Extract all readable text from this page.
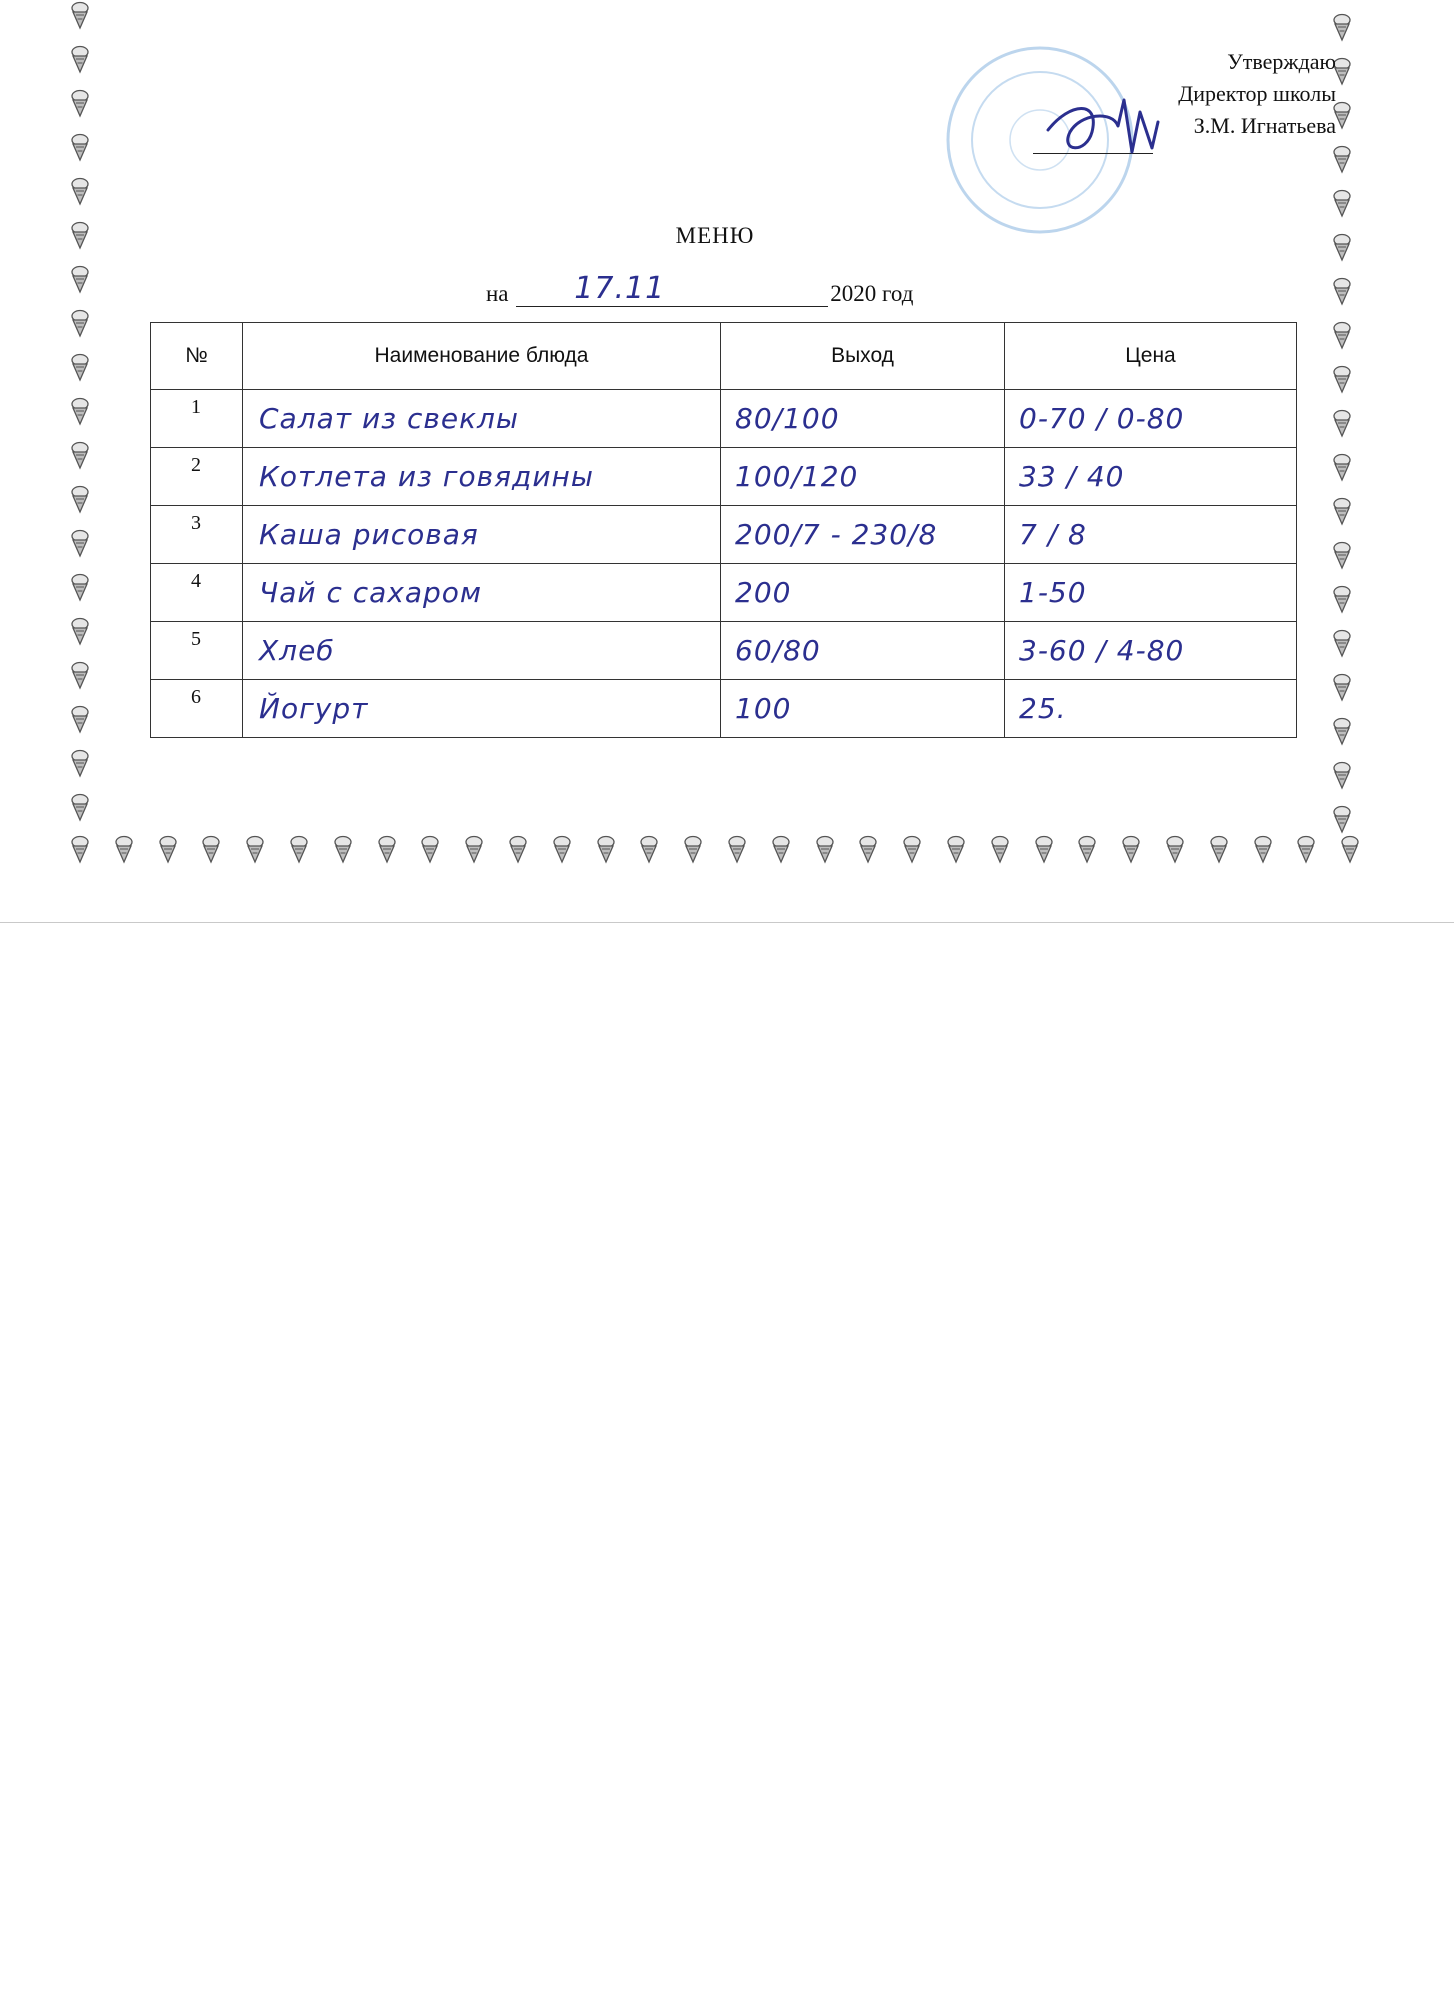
Утверждаю
Директор школы
З.М. Игнатьева
МЕНЮ
на 17.11	2020 год
№	Наименование блюда	Выход	Цена

1	Салат из свеклы	80/100	0-70 / 0-80

2	Котлета из говядины	100/120	33 / 40

3	Каша рисовая	200/7 - 230/8	7 / 8

4	Чай с сахаром	200	1-50

5	Хлеб	60/80	3-60 / 4-80

6	Йогурт	100	25.
